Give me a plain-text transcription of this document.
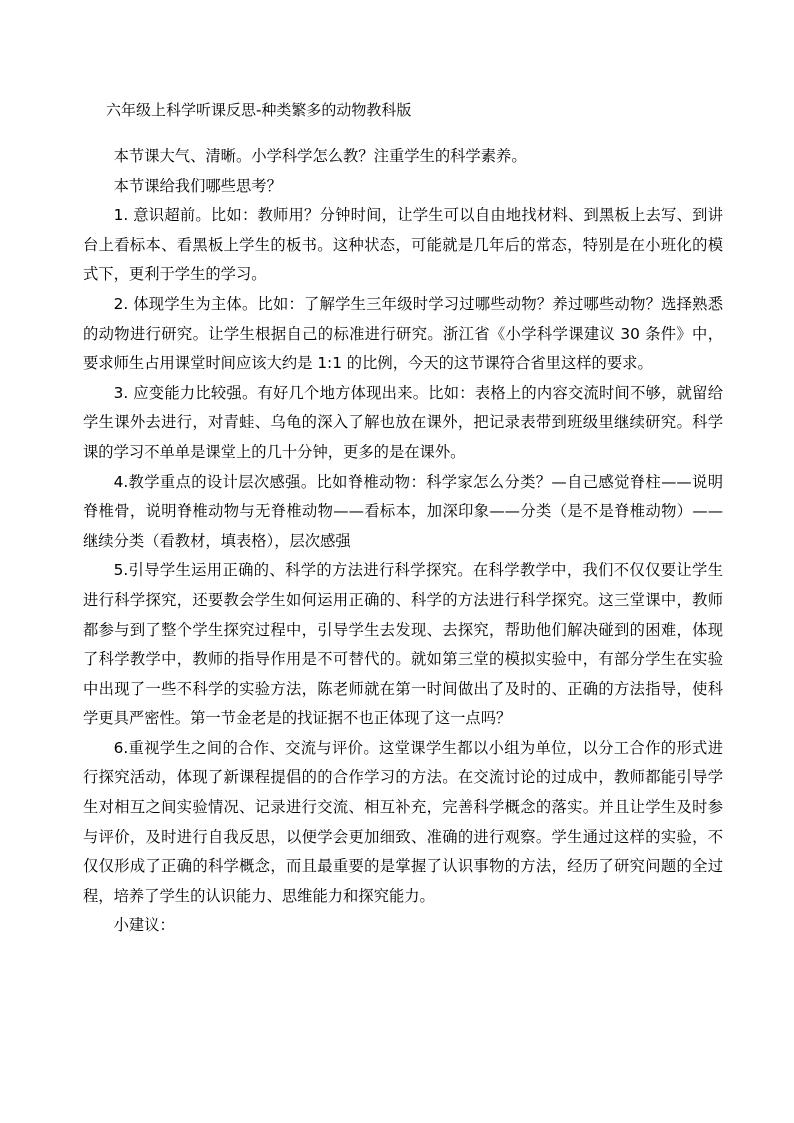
六年级上科学听课反思-种类繁多的动物教科版

本节课大气、清晰。小学科学怎么教？注重学生的科学素养。

本节课给我们哪些思考？

1. 意识超前。比如：教师用？分钟时间，让学生可以自由地找材料、到黑板上去写、到讲台上看标本、看黑板上学生的板书。这种状态，可能就是几年后的常态，特别是在小班化的模式下，更利于学生的学习。

2. 体现学生为主体。比如：了解学生三年级时学习过哪些动物？养过哪些动物？选择熟悉的动物进行研究。让学生根据自己的标准进行研究。浙江省《小学科学课建议 30 条件》中，要求师生占用课堂时间应该大约是 1:1 的比例，今天的这节课符合省里这样的要求。

3. 应变能力比较强。有好几个地方体现出来。比如：表格上的内容交流时间不够，就留给学生课外去进行，对青蛙、乌龟的深入了解也放在课外，把记录表带到班级里继续研究。科学课的学习不单单是课堂上的几十分钟，更多的是在课外。

4.教学重点的设计层次感强。比如脊椎动物：科学家怎么分类？—自己感觉脊柱——说明脊椎骨，说明脊椎动物与无脊椎动物——看标本，加深印象——分类（是不是脊椎动物）——继续分类（看教材，填表格），层次感强

5.引导学生运用正确的、科学的方法进行科学探究。在科学教学中，我们不仅仅要让学生进行科学探究，还要教会学生如何运用正确的、科学的方法进行科学探究。这三堂课中，教师都参与到了整个学生探究过程中，引导学生去发现、去探究，帮助他们解决碰到的困难，体现了科学教学中，教师的指导作用是不可替代的。就如第三堂的模拟实验中，有部分学生在实验中出现了一些不科学的实验方法，陈老师就在第一时间做出了及时的、正确的方法指导，使科学更具严密性。第一节金老是的找证据不也正体现了这一点吗？

6.重视学生之间的合作、交流与评价。这堂课学生都以小组为单位，以分工合作的形式进行探究活动，体现了新课程提倡的的合作学习的方法。在交流讨论的过成中，教师都能引导学生对相互之间实验情况、记录进行交流、相互补充，完善科学概念的落实。并且让学生及时参与评价，及时进行自我反思，以便学会更加细致、准确的进行观察。学生通过这样的实验，不仅仅形成了正确的科学概念，而且最重要的是掌握了认识事物的方法，经历了研究问题的全过程，培养了学生的认识能力、思维能力和探究能力。

小建议：
